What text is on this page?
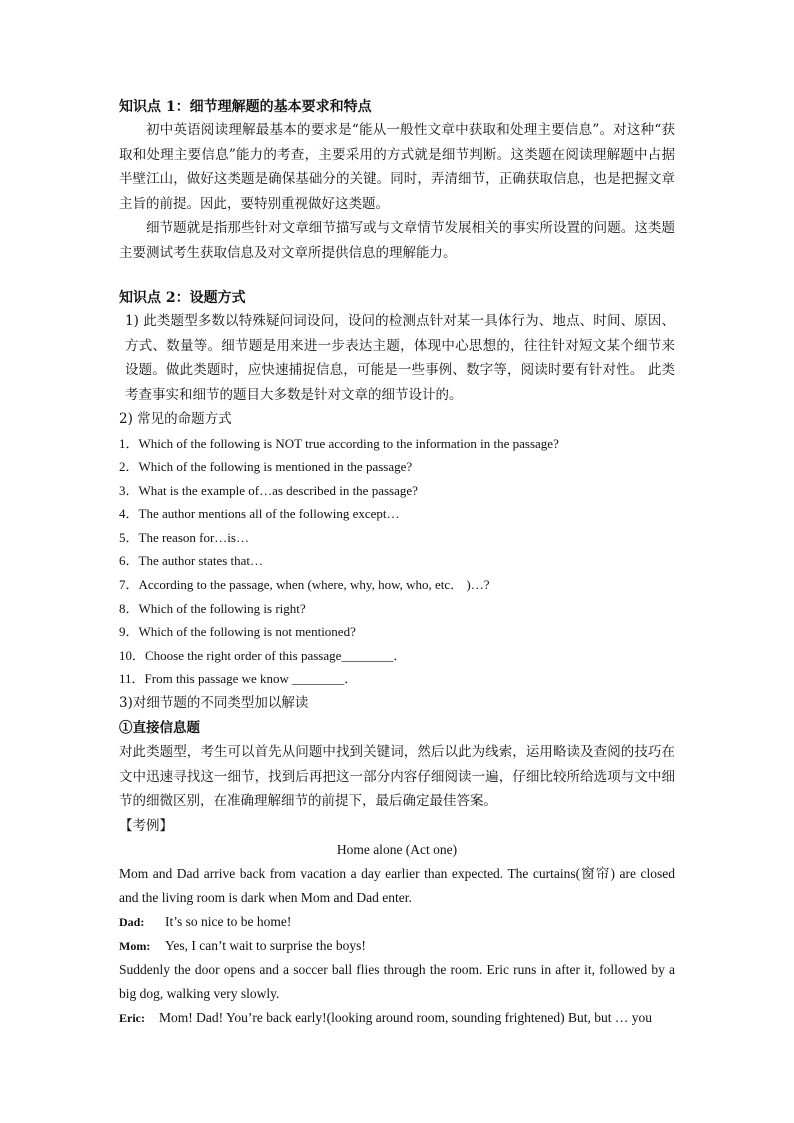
知识点 1：细节理解题的基本要求和特点

初中英语阅读理解最基本的要求是“能从一般性文章中获取和处理主要信息”。对这种“获取和处理主要信息”能力的考查，主要采用的方式就是细节判断。这类题在阅读理解题中占据半壁江山，做好这类题是确保基础分的关键。同时，弄清细节，正确获取信息，也是把握文章主旨的前提。因此，要特别重视做好这类题。

细节题就是指那些针对文章细节描写或与文章情节发展相关的事实所设置的问题。这类题主要测试考生获取信息及对文章所提供信息的理解能力。

知识点 2：设题方式

1) 此类题型多数以特殊疑问词设问，设问的检测点针对某一具体行为、地点、时间、原因、方式、数量等。细节题是用来进一步表达主题，体现中心思想的，往往针对短文某个细节来设题。做此类题时，应快速捕捉信息，可能是一些事例、数字等，阅读时要有针对性。 此类考查事实和细节的题目大多数是针对文章的细节设计的。

2) 常见的命题方式

1．Which of the following is NOT true according to the information in the passage?

2．Which of the following is mentioned in the passage?

3．What is the example of…as described in the passage?

4．The author mentions all of the following except…

5．The reason for…is…

6．The author states that…

7．According to the passage, when (where, why, how, who, etc． )…?

8．Which of the following is right?

9．Which of the following is not mentioned?

10．Choose the right order of this passage________．

11．From this passage we know ________．

3)对细节题的不同类型加以解读

①直接信息题

对此类题型，考生可以首先从问题中找到关键词，然后以此为线索，运用略读及查阅的技巧在文中迅速寻找这一细节，找到后再把这一部分内容仔细阅读一遍，仔细比较所给选项与文中细节的细微区别，在准确理解细节的前提下，最后确定最佳答案。

【考例】

Home alone (Act one)

Mom and Dad arrive back from vacation a day earlier than expected. The curtains(窗帘) are closed and the living room is dark when Mom and Dad enter.

Dad: It’s so nice to be home!

Mom: Yes, I can’t wait to surprise the boys!

Suddenly the door opens and a soccer ball flies through the room. Eric runs in after it, followed by a big dog, walking very slowly.

Eric: Mom! Dad! You’re back early!(looking around room, sounding frightened) But, but … you
